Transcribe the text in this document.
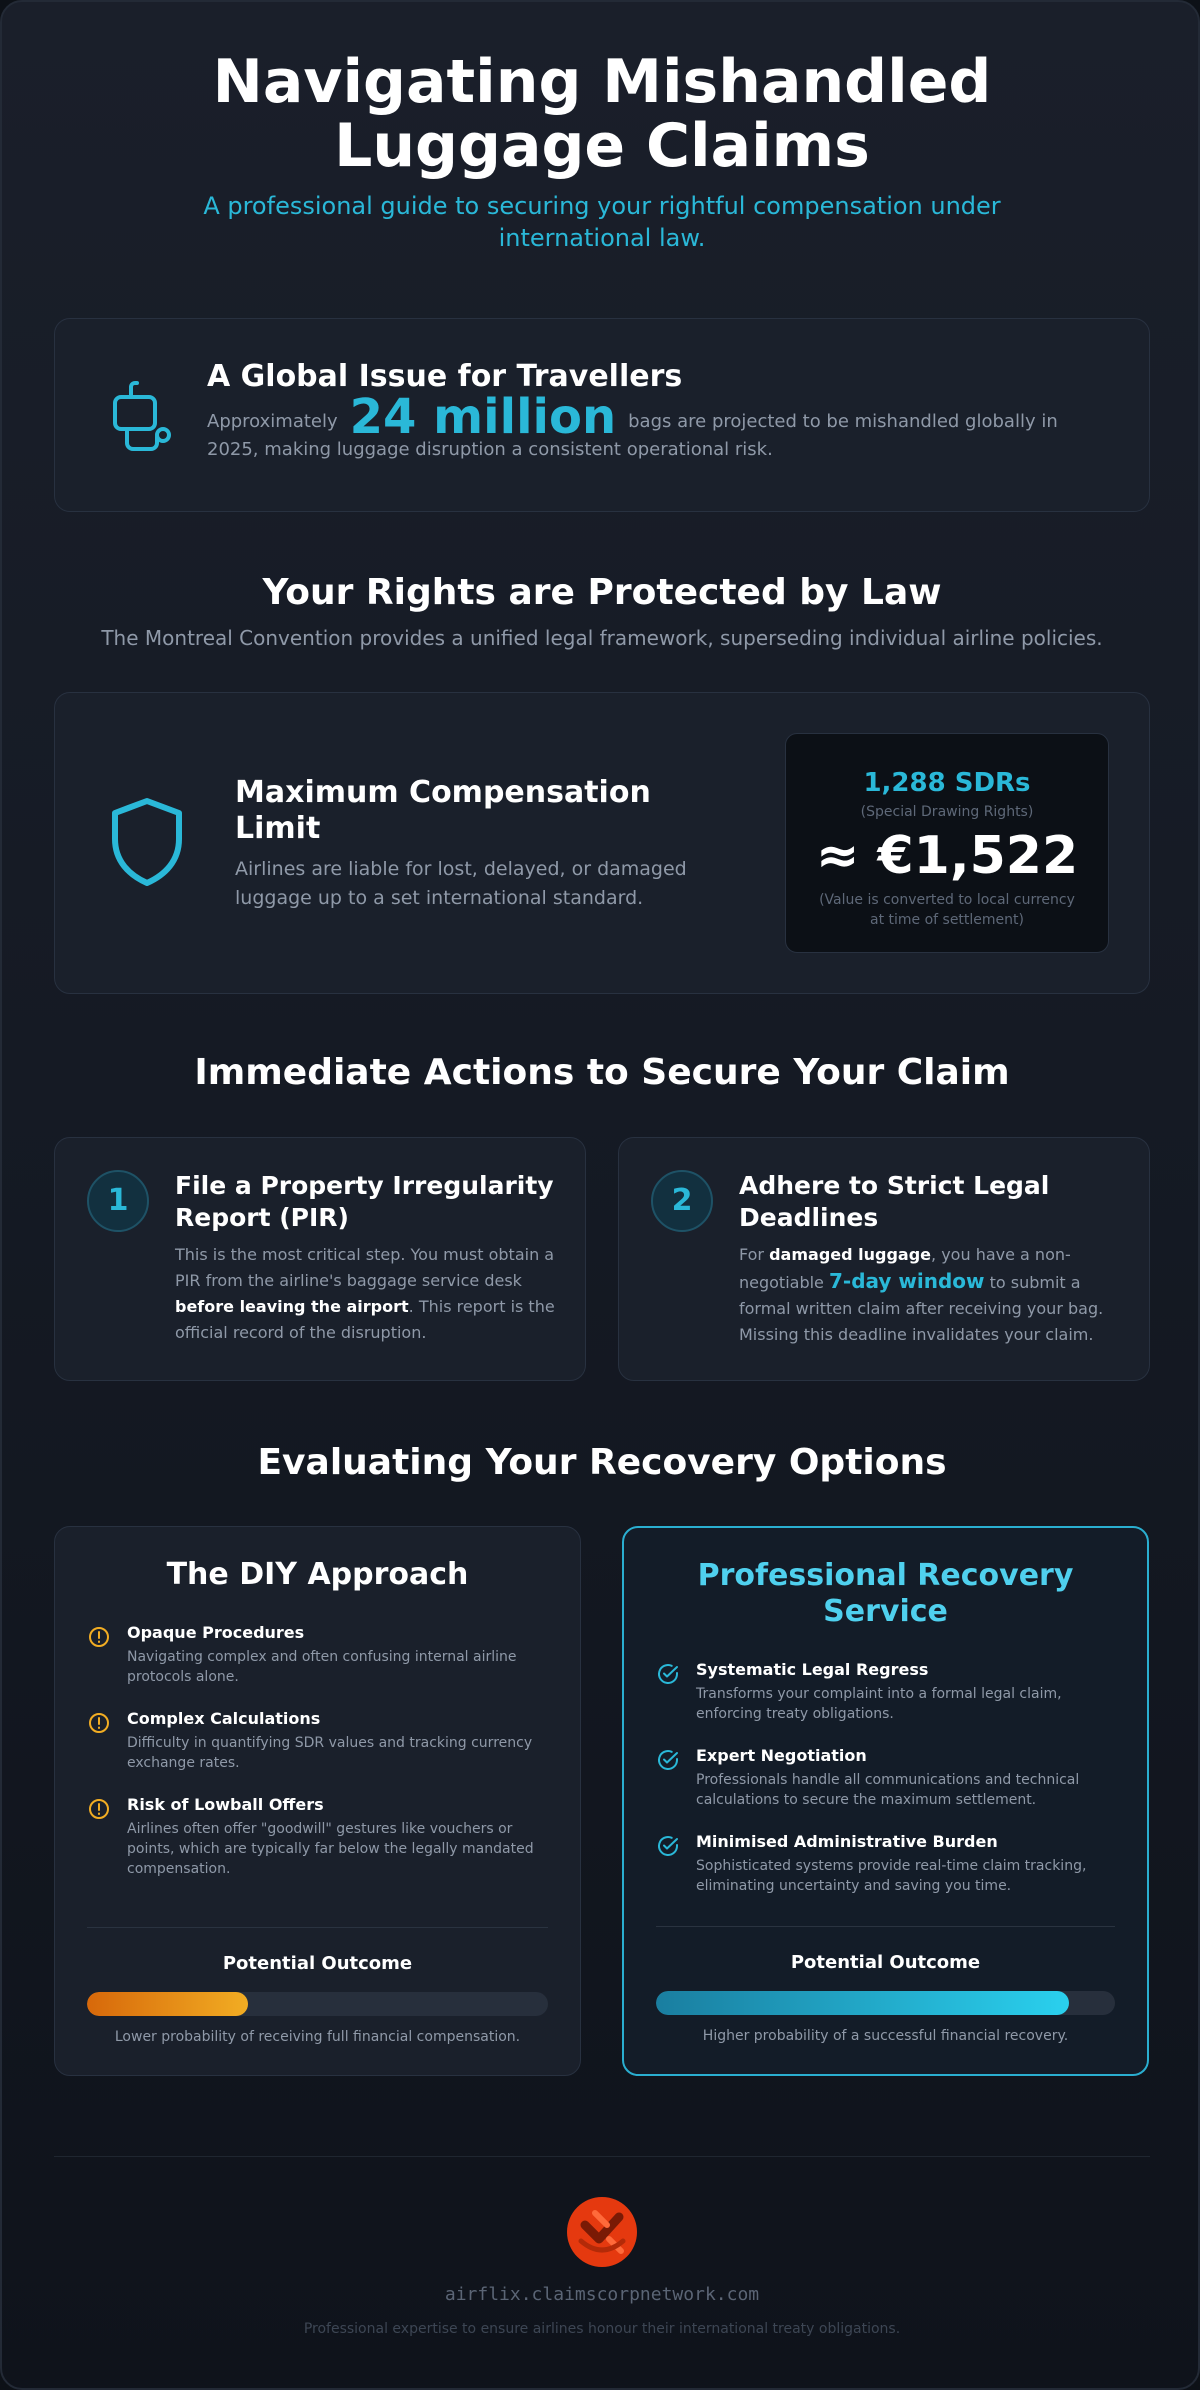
Navigating Mishandled Luggage Claims

A professional guide to securing your rightful compensation under international law.

A Global Issue for Travellers
Approximately 24 million bags are projected to be mishandled globally in 2025, making luggage disruption a consistent operational risk.
Your Rights are Protected by Law

The Montreal Convention provides a unified legal framework, superseding individual airline policies.

Maximum Compensation Limit
Airlines are liable for lost, delayed, or damaged luggage up to a set international standard.
1,288 SDRs
(Special Drawing Rights)
≈ €1,522
(Value is converted to local currency at time of settlement)
Immediate Actions to Secure Your Claim
1	File a Property Irregularity Report (PIR)
This is the most critical step. You must obtain a PIR from the airline's baggage service desk before leaving the airport. This report is the official record of the disruption.
2	Adhere to Strict Legal Deadlines
For damaged luggage, you have a non-negotiable 7-day window to submit a formal written claim after receiving your bag. Missing this deadline invalidates your claim.
Evaluating Your Recovery Options
The DIY Approach
Opaque Procedures
Navigating complex and often confusing internal airline protocols alone.
Complex Calculations
Difficulty in quantifying SDR values and tracking currency exchange rates.
Risk of Lowball Offers
Airlines often offer "goodwill" gestures like vouchers or points, which are typically far below the legally mandated compensation.
Potential Outcome
Lower probability of receiving full financial compensation.
Professional Recovery Service
Systematic Legal Regress
Transforms your complaint into a formal legal claim, enforcing treaty obligations.
Expert Negotiation
Professionals handle all communications and technical calculations to secure the maximum settlement.
Minimised Administrative Burden
Sophisticated systems provide real-time claim tracking, eliminating uncertainty and saving you time.
Potential Outcome
Higher probability of a successful financial recovery.
airflix.claimscorpnetwork.com
Professional expertise to ensure airlines honour their international treaty obligations.
